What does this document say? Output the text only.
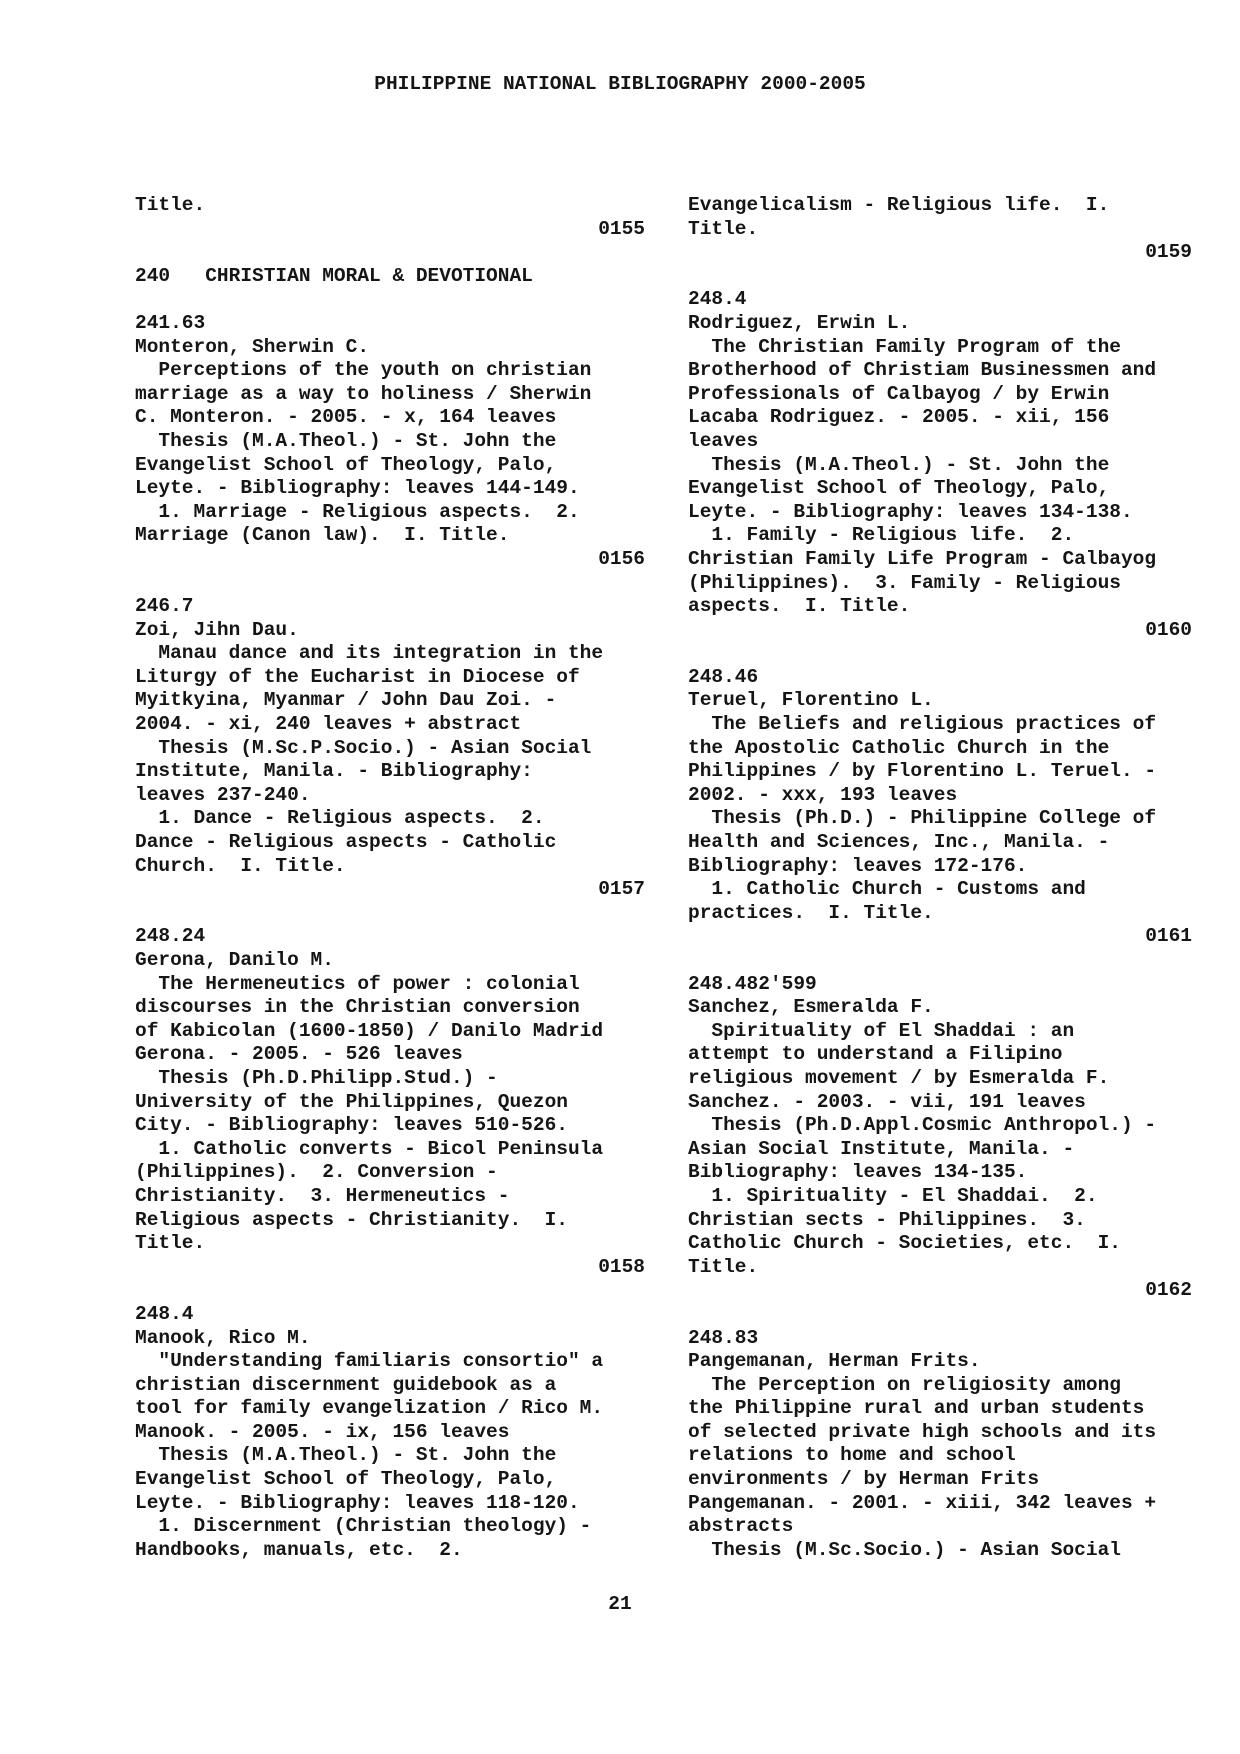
PHILIPPINE NATIONAL BIBLIOGRAPHY 2000-2005
Title.
0155
240   CHRISTIAN MORAL & DEVOTIONAL
241.63
Monteron, Sherwin C.
Perceptions of the youth on christian
marriage as a way to holiness / Sherwin
C. Monteron. - 2005. - x, 164 leaves
Thesis (M.A.Theol.) - St. John the
Evangelist School of Theology, Palo,
Leyte. - Bibliography: leaves 144-149.
1. Marriage - Religious aspects.  2.
Marriage (Canon law).  I. Title.
0156
246.7
Zoi, Jihn Dau.
Manau dance and its integration in the
Liturgy of the Eucharist in Diocese of
Myitkyina, Myanmar / John Dau Zoi. -
2004. - xi, 240 leaves + abstract
Thesis (M.Sc.P.Socio.) - Asian Social
Institute, Manila. - Bibliography:
leaves 237-240.
1. Dance - Religious aspects.  2.
Dance - Religious aspects - Catholic
Church.  I. Title.
0157
248.24
Gerona, Danilo M.
The Hermeneutics of power : colonial
discourses in the Christian conversion
of Kabicolan (1600-1850) / Danilo Madrid
Gerona. - 2005. - 526 leaves
Thesis (Ph.D.Philipp.Stud.) -
University of the Philippines, Quezon
City. - Bibliography: leaves 510-526.
1. Catholic converts - Bicol Peninsula
(Philippines).  2. Conversion -
Christianity.  3. Hermeneutics -
Religious aspects - Christianity.  I.
Title.
0158
248.4
Manook, Rico M.
"Understanding familiaris consortio" a
christian discernment guidebook as a
tool for family evangelization / Rico M.
Manook. - 2005. - ix, 156 leaves
Thesis (M.A.Theol.) - St. John the
Evangelist School of Theology, Palo,
Leyte. - Bibliography: leaves 118-120.
1. Discernment (Christian theology) -
Handbooks, manuals, etc.  2.
Evangelicalism - Religious life.  I.
Title.
0159
248.4
Rodriguez, Erwin L.
The Christian Family Program of the
Brotherhood of Christiam Businessmen and
Professionals of Calbayog / by Erwin
Lacaba Rodriguez. - 2005. - xii, 156
leaves
Thesis (M.A.Theol.) - St. John the
Evangelist School of Theology, Palo,
Leyte. - Bibliography: leaves 134-138.
1. Family - Religious life.  2.
Christian Family Life Program - Calbayog
(Philippines).  3. Family - Religious
aspects.  I. Title.
0160
248.46
Teruel, Florentino L.
The Beliefs and religious practices of
the Apostolic Catholic Church in the
Philippines / by Florentino L. Teruel. -
2002. - xxx, 193 leaves
Thesis (Ph.D.) - Philippine College of
Health and Sciences, Inc., Manila. -
Bibliography: leaves 172-176.
1. Catholic Church - Customs and
practices.  I. Title.
0161
248.482'599
Sanchez, Esmeralda F.
Spirituality of El Shaddai : an
attempt to understand a Filipino
religious movement / by Esmeralda F.
Sanchez. - 2003. - vii, 191 leaves
Thesis (Ph.D.Appl.Cosmic Anthropol.) -
Asian Social Institute, Manila. -
Bibliography: leaves 134-135.
1. Spirituality - El Shaddai.  2.
Christian sects - Philippines.  3.
Catholic Church - Societies, etc.  I.
Title.
0162
248.83
Pangemanan, Herman Frits.
The Perception on religiosity among
the Philippine rural and urban students
of selected private high schools and its
relations to home and school
environments / by Herman Frits
Pangemanan. - 2001. - xiii, 342 leaves +
abstracts
Thesis (M.Sc.Socio.) - Asian Social
21
